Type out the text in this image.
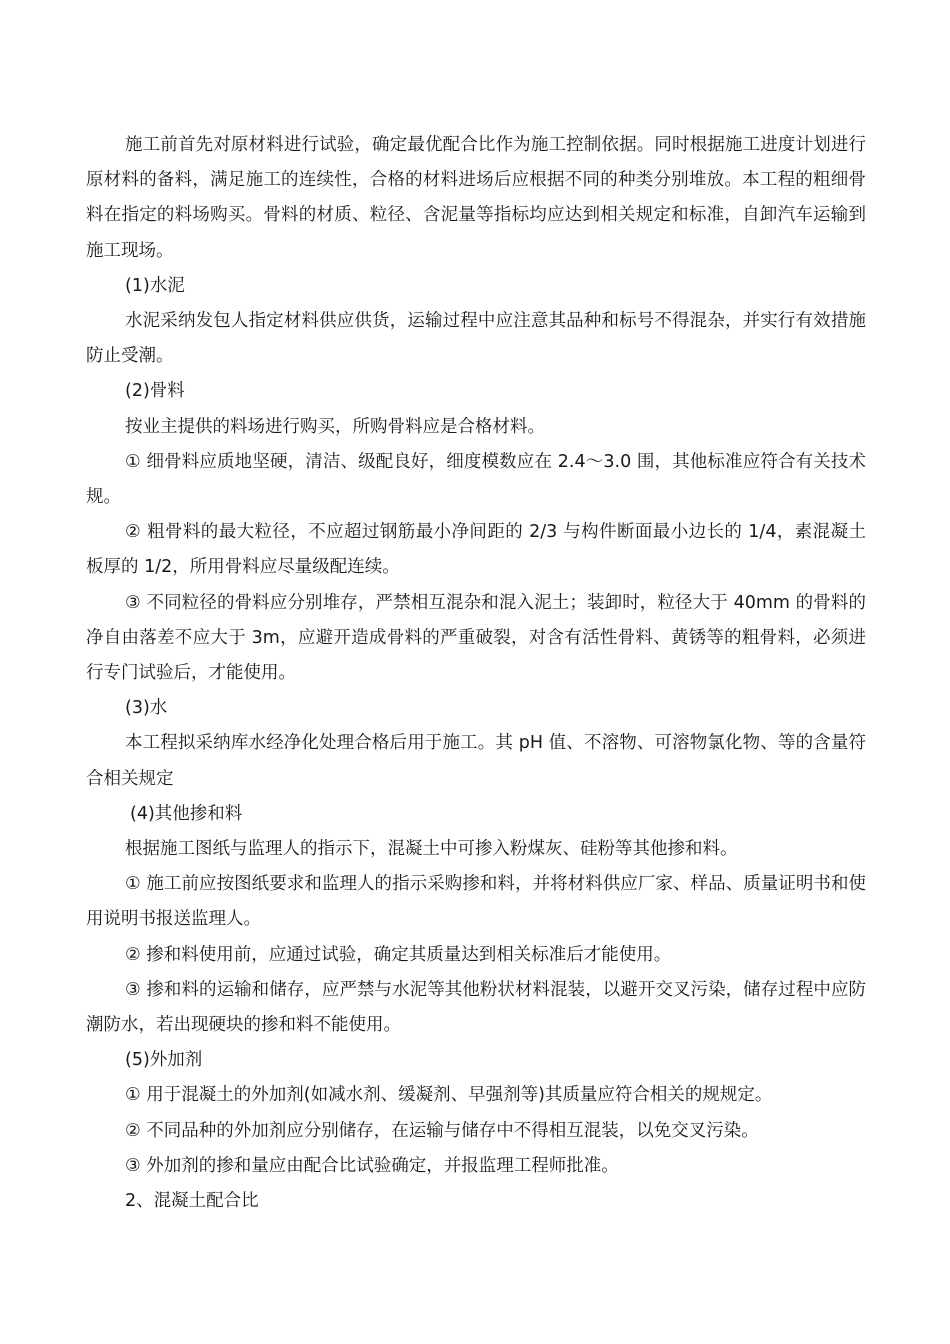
施工前首先对原材料进行试验，确定最优配合比作为施工控制依据。同时根据施工进度计划进行原材料的备料，满足施工的连续性，合格的材料进场后应根据不同的种类分别堆放。本工程的粗细骨料在指定的料场购买。骨料的材质、粒径、含泥量等指标均应达到相关规定和标准，自卸汽车运输到施工现场。

(1)水泥

水泥采纳发包人指定材料供应供货，运输过程中应注意其品种和标号不得混杂，并实行有效措施防止受潮。

(2)骨料

按业主提供的料场进行购买，所购骨料应是合格材料。

① 细骨料应质地坚硬，清洁、级配良好，细度模数应在 2.4～3.0 围，其他标准应符合有关技术规。

② 粗骨料的最大粒径，不应超过钢筋最小净间距的 2/3 与构件断面最小边长的 1/4，素混凝土板厚的 1/2，所用骨料应尽量级配连续。

③ 不同粒径的骨料应分别堆存，严禁相互混杂和混入泥土；装卸时，粒径大于 40mm 的骨料的净自由落差不应大于 3m，应避开造成骨料的严重破裂，对含有活性骨料、黄锈等的粗骨料，必须进行专门试验后，才能使用。

(3)水

本工程拟采纳库水经净化处理合格后用于施工。其 pH 值、不溶物、可溶物氯化物、等的含量符合相关规定

(4)其他掺和料

根据施工图纸与监理人的指示下，混凝土中可掺入粉煤灰、硅粉等其他掺和料。

① 施工前应按图纸要求和监理人的指示采购掺和料，并将材料供应厂家、样品、质量证明书和使用说明书报送监理人。

② 掺和料使用前，应通过试验，确定其质量达到相关标准后才能使用。

③ 掺和料的运输和储存，应严禁与水泥等其他粉状材料混装，以避开交叉污染，储存过程中应防潮防水，若出现硬块的掺和料不能使用。

(5)外加剂

① 用于混凝土的外加剂(如减水剂、缓凝剂、早强剂等)其质量应符合相关的规规定。

② 不同品种的外加剂应分别储存，在运输与储存中不得相互混装，以免交叉污染。

③ 外加剂的掺和量应由配合比试验确定，并报监理工程师批准。

2、混凝土配合比
